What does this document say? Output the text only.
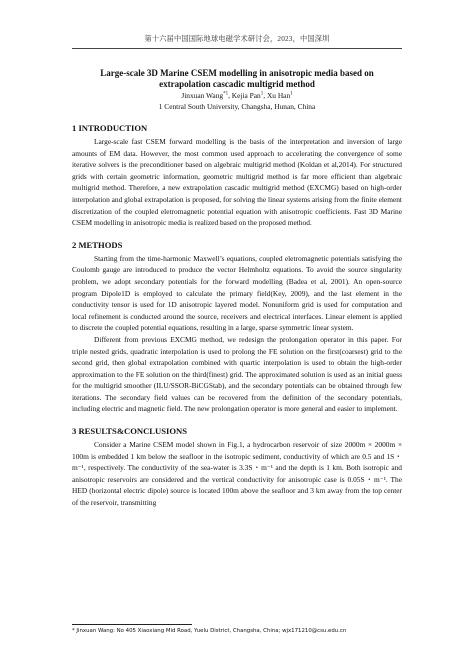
第十六届中国国际地球电磁学术研讨会，2023，中国深圳
Large-scale 3D Marine CSEM modelling in anisotropic media based on
extrapolation cascadic multigrid method
Jinxuan Wang$^{*1}$, Kejia Pan$^1$, Xu Han$^1$
1 Central South University, Changsha, Hunan, China
1 INTRODUCTION

Large-scale fast CSEM forward modelling is the basis of the interpretation and inversion of large amounts of EM data. However, the most common used approach to accelerating the convergence of some iterative solvers is the preconditioner based on algebraic multigrid method (Koldan et al,2014). For structured grids with certain geometric information, geometric multigrid method is far more efficient than algebraic multigrid method. Therefore, a new extrapolation cascadic multigrid method (EXCMG) based on high-order interpolation and global extrapolation is proposed, for solving the linear systems arising from the finite element discretization of the coupled eletromagnetic potential equation with anisotropic coefficients. Fast 3D Marine CSEM modelling in anisotropic media is realized based on the proposed method.

2 METHODS

Starting from the time-harmonic Maxwell’s equations, coupled eletromagnetic potentials satisfying the Coulomb gauge are introduced to produce the vector Helmholtz equations. To avoid the source singularity problem, we adopt secondary potentials for the forward modelling (Badea et al, 2001). An open-source program Dipole1D is employed to calculate the primary field(Key, 2009), and the last element in the conductivity tensor is used for 1D anisotropic layered model. Nonuniform grid is used for computation and local refinement is conducted around the source, receivers and electrical interfaces. Linear element is applied to discrete the coupled potential equations, resulting in a large, sparse symmetric linear system.

Different from previous EXCMG method, we redesign the prolongation operator in this paper. For triple nested grids, quadratic interpolation is used to prolong the FE solution on the first(coarsest) grid to the second grid, then global extrapolation combined with quartic interpolation is used to obtain the high-order approximation to the FE solution on the third(finest) grid. The approximated solution is used as an initial guess for the multigrid smoother (ILU/SSOR-BiCGStab), and the secondary potentials can be obtained through few iterations. The secondary field values can be recovered from the definition of the secondary potentials, including electric and magnetic field. The new prolongation operator is more general and easier to implement.

3 RESULTS&CONCLUSIONS

Consider a Marine CSEM model shown in Fig.1, a hydrocarbon reservoir of size 2000m × 2000m × 100m is embedded 1 km below the seafloor in the isotropic sediment, conductivity of which are 0.5 and 1S・m⁻¹, respectively. The conductivity of the sea-water is 3.3S・m⁻¹ and the depth is 1 km. Both isotropic and anisotropic reservoirs are considered and the vertical conductivity for anisotropic case is 0.05S・m⁻¹. The HED (horizontal electric dipole) source is located 100m above the seafloor and 3 km away from the top center of the reservoir, transmitting

* Jinxuan Wang: No 405 Xiaoxiang Mid Road, Yuelu District, Changsha, China; wjx171210@csu.edu.cn
